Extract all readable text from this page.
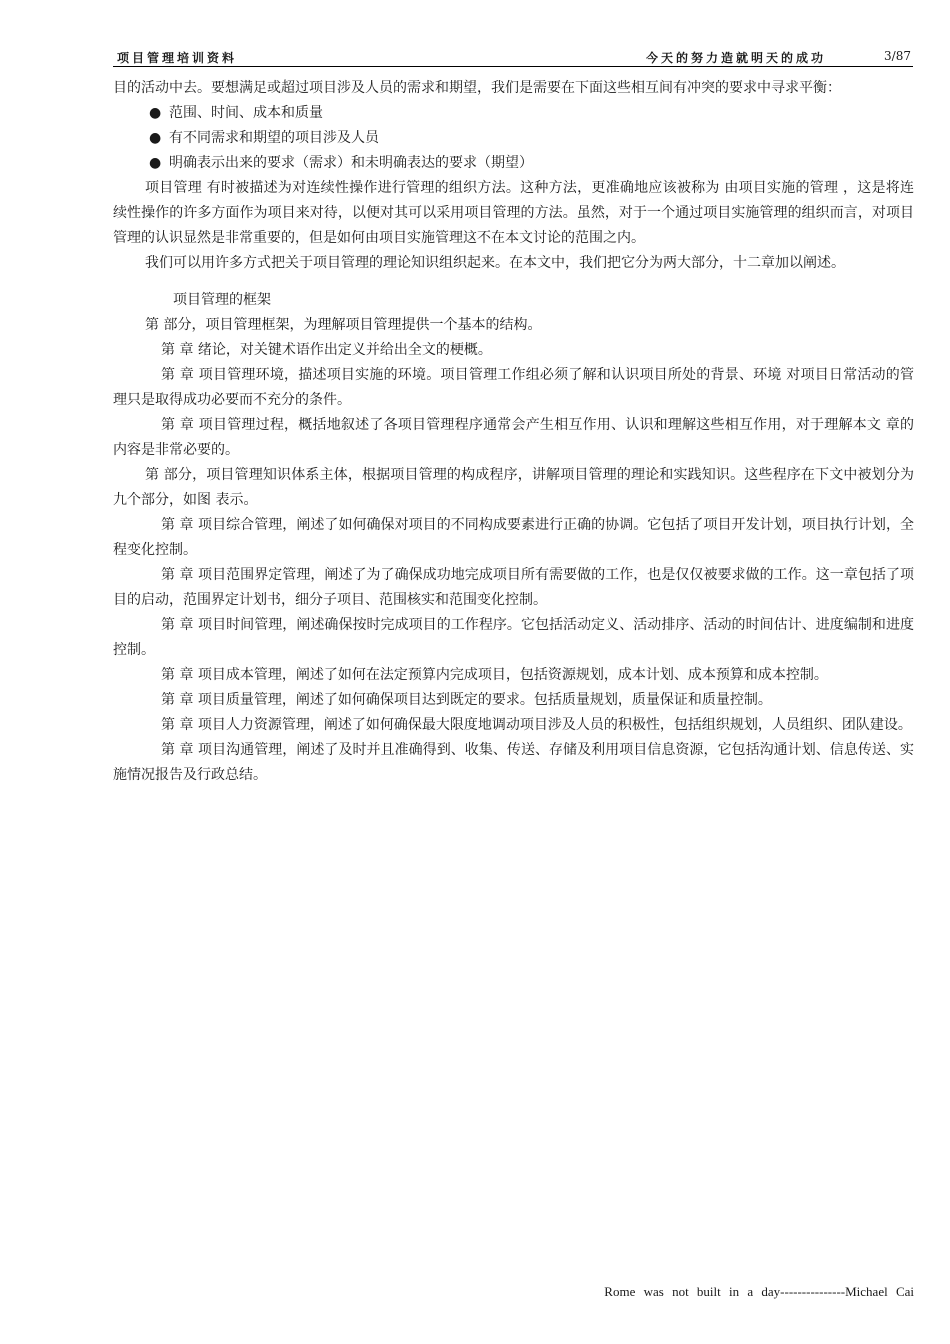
项目管理培训资料	今天的努力造就明天的成功	3/87

目的活动中去。要想满足或超过项目涉及人员的需求和期望，我们是需要在下面这些相互间有冲突的要求中寻求平衡：

● 范围、时间、成本和质量
● 有不同需求和期望的项目涉及人员
● 明确表示出来的要求（需求）和未明确表达的要求（期望）

项目管理 有时被描述为对连续性操作进行管理的组织方法。这种方法，更准确地应该被称为 由项目实施的管理 ，这是将连续性操作的许多方面作为项目来对待，以便对其可以采用项目管理的方法。虽然，对于一个通过项目实施管理的组织而言，对项目管理的认识显然是非常重要的，但是如何由项目实施管理这不在本文讨论的范围之内。

我们可以用许多方式把关于项目管理的理论知识组织起来。在本文中，我们把它分为两大部分，十二章加以阐述。

项目管理的框架

第 部分，项目管理框架，为理解项目管理提供一个基本的结构。

第 章 绪论，对关键术语作出定义并给出全文的梗概。

第 章 项目管理环境，描述项目实施的环境。项目管理工作组必须了解和认识项目所处的背景、环境 对项目日常活动的管理只是取得成功必要而不充分的条件。

第 章 项目管理过程，概括地叙述了各项目管理程序通常会产生相互作用、认识和理解这些相互作用，对于理解本文 章的内容是非常必要的。

第 部分，项目管理知识体系主体，根据项目管理的构成程序，讲解项目管理的理论和实践知识。这些程序在下文中被划分为九个部分，如图 表示。

第 章 项目综合管理，阐述了如何确保对项目的不同构成要素进行正确的协调。它包括了项目开发计划，项目执行计划，全程变化控制。

第 章 项目范围界定管理，阐述了为了确保成功地完成项目所有需要做的工作，也是仅仅被要求做的工作。这一章包括了项目的启动，范围界定计划书，细分子项目、范围核实和范围变化控制。

第 章 项目时间管理，阐述确保按时完成项目的工作程序。它包括活动定义、活动排序、活动的时间估计、进度编制和进度控制。

第 章 项目成本管理，阐述了如何在法定预算内完成项目，包括资源规划，成本计划、成本预算和成本控制。

第 章 项目质量管理，阐述了如何确保项目达到既定的要求。包括质量规划，质量保证和质量控制。

第 章 项目人力资源管理，阐述了如何确保最大限度地调动项目涉及人员的积极性，包括组织规划，人员组织、团队建设。

第 章 项目沟通管理，阐述了及时并且准确得到、收集、传送、存储及利用项目信息资源，它包括沟通计划、信息传送、实施情况报告及行政总结。

Rome was not built in a day---------------Michael Cai
